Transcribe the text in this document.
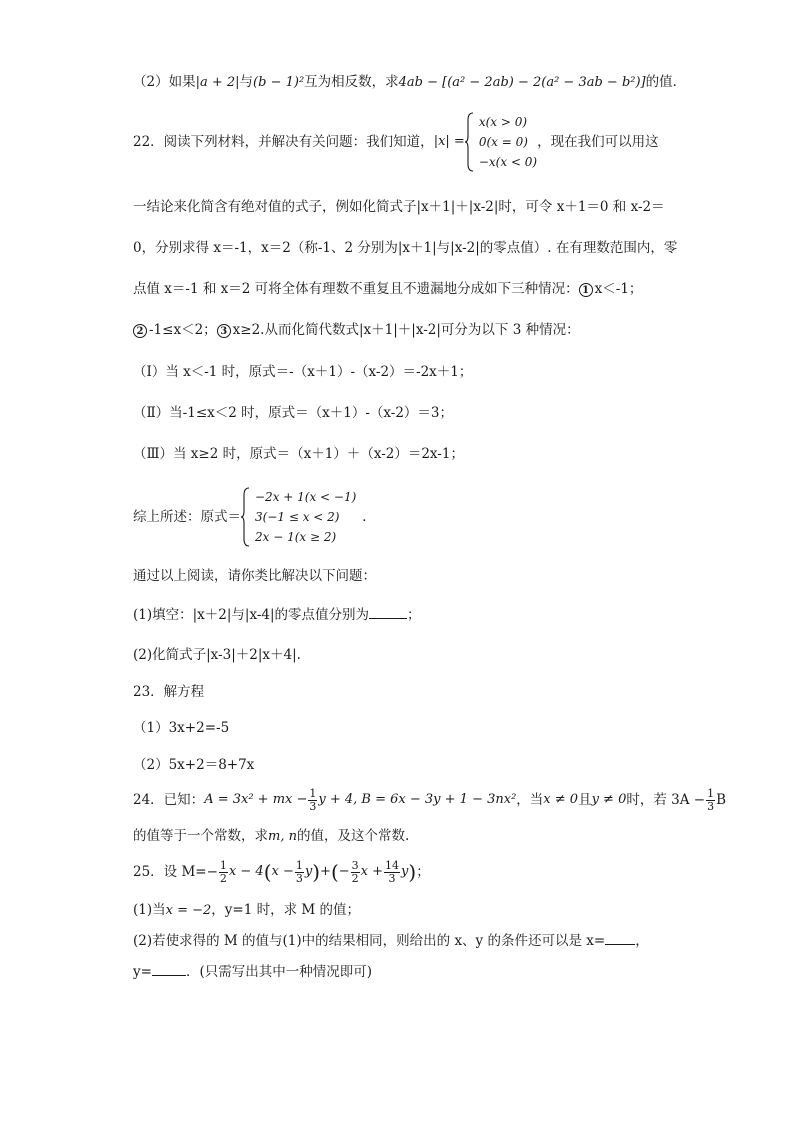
（2）如果|a + 2|与(b − 1)²互为相反数，求4ab − [(a² − 2ab) − 2(a² − 3ab − b²)]的值．
22．阅读下列材料，并解决有关问题：我们知道， |x| =
x(x > 0)
0(x = 0)
−x(x < 0)
，现在我们可以用这
一结论来化简含有绝对值的式子，例如化简式子|x＋1|＋|x-2|时，可令 x＋1＝0 和 x-2＝
0，分别求得 x＝-1，x＝2（称-1、2 分别为|x＋1|与|x-2|的零点值）. 在有理数范围内，零
点值 x＝-1 和 x＝2 可将全体有理数不重复且不遗漏地分成如下三种情况： 1 x＜-1；
2 -1≤x＜2； 3 x≥2.从而化简代数式|x＋1|＋|x-2|可分为以下 3 种情况：
（Ⅰ）当 x＜-1 时，原式＝-（x＋1）-（x-2）＝-2x＋1；
（Ⅱ）当-1≤x＜2 时，原式＝（x＋1）-（x-2）＝3；
（Ⅲ）当 x≥2 时，原式＝（x＋1）＋（x-2）＝2x-1；
综上所述：原式＝
−2x + 1(x < −1)
3(−1 ≤ x < 2)
2x − 1(x ≥ 2)
．
通过以上阅读，请你类比解决以下问题：
(1)填空：|x＋2|与|x-4|的零点值分别为	；
(2)化简式子|x-3|＋2|x＋4|.
23．解方程
（1）3x+2=-5
（2）5x+2＝8+7x
24．已知： A = 3x² + mx − $\frac{1}{3}$ y + 4, B = 6x − 3y + 1 − 3nx² ，当 x ≠ 0 且 y ≠ 0 时，若 $3A - \frac{1}{3}$ B
的值等于一个常数，求m, n的值，及这个常数.
25．设 $M=- \frac{1}{2}$ x − 4 ( $x - \frac{1}{3}$ y ) + ( − $\frac{3}{2}$ $x + \frac{14}{3}$ y ) ；
(1)当x = −2，y=1 时，求 M 的值；
(2)若使求得的 M 的值与(1)中的结果相同，则给出的 x、y 的条件还可以是 x= ，
y=	．(只需写出其中一种情况即可)
